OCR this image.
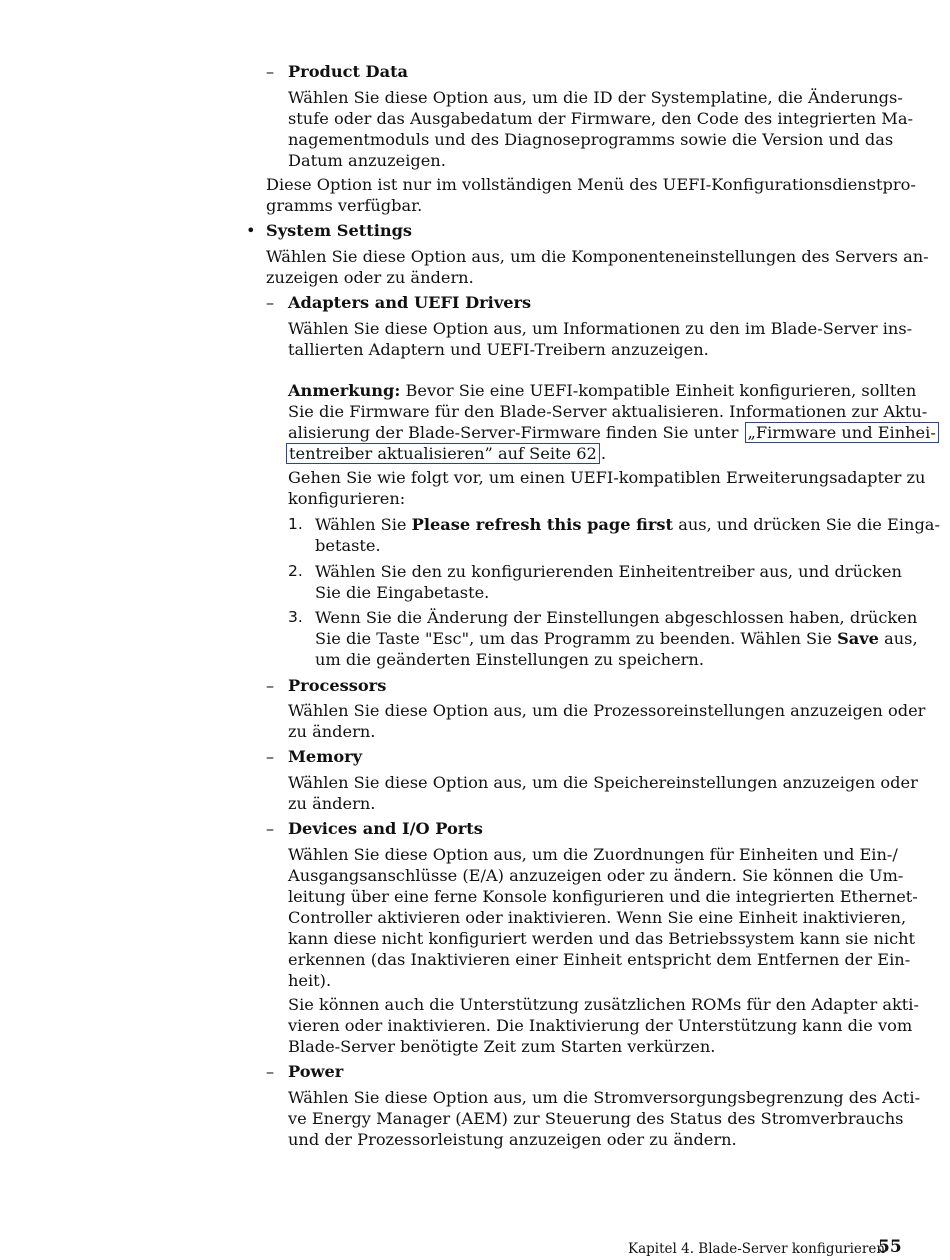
– Product Data
Wählen Sie diese Option aus, um die ID der Systemplatine, die Änderungs-
stufe oder das Ausgabedatum der Firmware, den Code des integrierten Ma-
nagementmoduls und des Diagnoseprogramms sowie die Version und das
Datum anzuzeigen.
Diese Option ist nur im vollständigen Menü des UEFI-Konfigurationsdienstpro-
gramms verfügbar.
• System Settings
Wählen Sie diese Option aus, um die Komponenteneinstellungen des Servers an-
zuzeigen oder zu ändern.
– Adapters and UEFI Drivers
Wählen Sie diese Option aus, um Informationen zu den im Blade-Server ins-
tallierten Adaptern und UEFI-Treibern anzuzeigen.
Anmerkung: Bevor Sie eine UEFI-kompatible Einheit konfigurieren, sollten
Sie die Firmware für den Blade-Server aktualisieren. Informationen zur Aktu-
alisierung der Blade-Server-Firmware finden Sie unter „Firmware und Einhei-
tentreiber aktualisieren” auf Seite 62 .
Gehen Sie wie folgt vor, um einen UEFI-kompatiblen Erweiterungsadapter zu
konfigurieren:
1. Wählen Sie Please refresh this page first aus, und drücken Sie die Einga-
betaste.
2. Wählen Sie den zu konfigurierenden Einheitentreiber aus, und drücken
Sie die Eingabetaste.
3. Wenn Sie die Änderung der Einstellungen abgeschlossen haben, drücken
Sie die Taste "Esc", um das Programm zu beenden. Wählen Sie Save aus,
um die geänderten Einstellungen zu speichern.
– Processors
Wählen Sie diese Option aus, um die Prozessoreinstellungen anzuzeigen oder
zu ändern.
– Memory
Wählen Sie diese Option aus, um die Speichereinstellungen anzuzeigen oder
zu ändern.
– Devices and I/O Ports
Wählen Sie diese Option aus, um die Zuordnungen für Einheiten und Ein-/
Ausgangsanschlüsse (E/A) anzuzeigen oder zu ändern. Sie können die Um-
leitung über eine ferne Konsole konfigurieren und die integrierten Ethernet-
Controller aktivieren oder inaktivieren. Wenn Sie eine Einheit inaktivieren,
kann diese nicht konfiguriert werden und das Betriebssystem kann sie nicht
erkennen (das Inaktivieren einer Einheit entspricht dem Entfernen der Ein-
heit).
Sie können auch die Unterstützung zusätzlichen ROMs für den Adapter akti-
vieren oder inaktivieren. Die Inaktivierung der Unterstützung kann die vom
Blade-Server benötigte Zeit zum Starten verkürzen.
– Power
Wählen Sie diese Option aus, um die Stromversorgungsbegrenzung des Acti-
ve Energy Manager (AEM) zur Steuerung des Status des Stromverbrauchs
und der Prozessorleistung anzuzeigen oder zu ändern.
Kapitel 4. Blade-Server konfigurieren
55
